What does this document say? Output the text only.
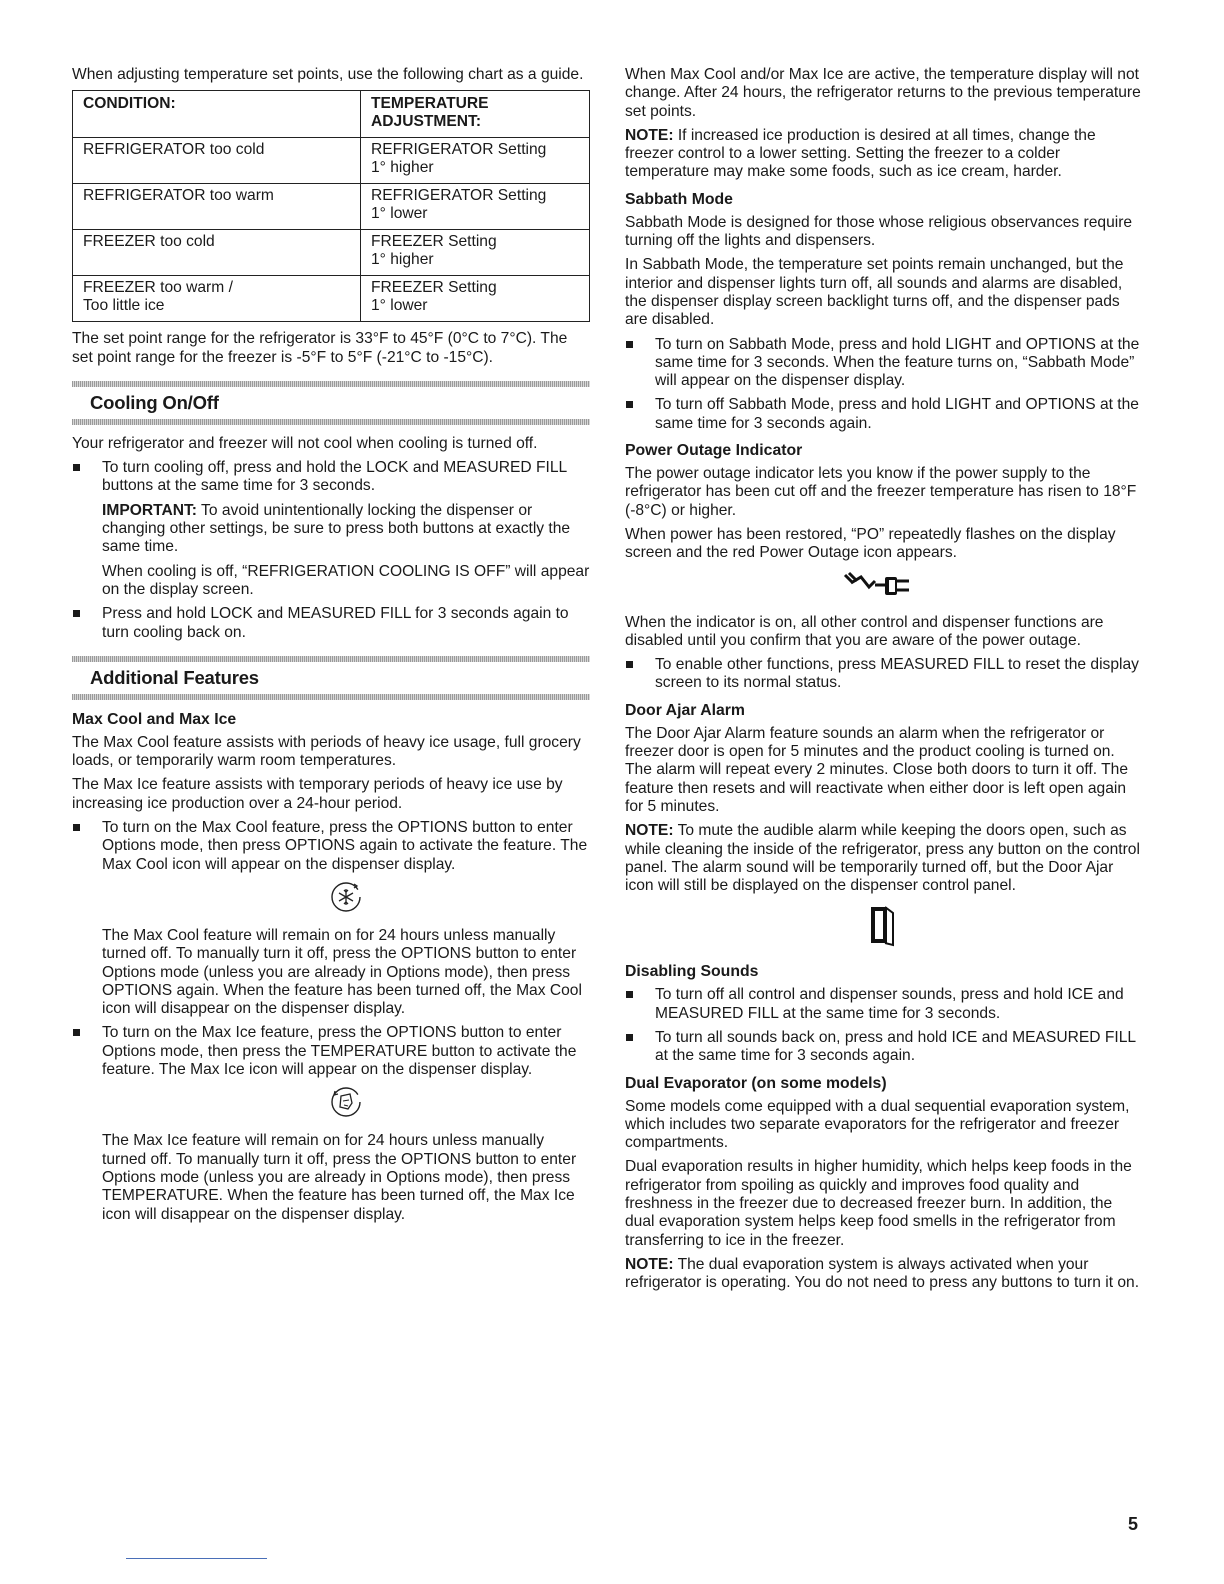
When adjusting temperature set points, use the following chart as a guide.

CONDITION:	TEMPERATURE ADJUSTMENT:
REFRIGERATOR too cold	REFRIGERATOR Setting
1° higher
REFRIGERATOR too warm	REFRIGERATOR Setting
1° lower
FREEZER too cold	FREEZER Setting
1° higher
FREEZER too warm /
Too little ice	FREEZER Setting
1° lower

The set point range for the refrigerator is 33°F to 45°F (0°C to 7°C). The set point range for the freezer is -5°F to 5°F (-21°C to -15°C).

Cooling On/Off

Your refrigerator and freezer will not cool when cooling is turned off.

To turn cooling off, press and hold the LOCK and MEASURED FILL buttons at the same time for 3 seconds.

IMPORTANT: To avoid unintentionally locking the dispenser or changing other settings, be sure to press both buttons at exactly the same time.

When cooling is off, “REFRIGERATION COOLING IS OFF” will appear on the display screen.

Press and hold LOCK and MEASURED FILL for 3 seconds again to turn cooling back on.

Additional Features
Max Cool and Max Ice

The Max Cool feature assists with periods of heavy ice usage, full grocery loads, or temporarily warm room temperatures.

The Max Ice feature assists with temporary periods of heavy ice use by increasing ice production over a 24-hour period.

To turn on the Max Cool feature, press the OPTIONS button to enter Options mode, then press OPTIONS again to activate the feature. The Max Cool icon will appear on the dispenser display.

The Max Cool feature will remain on for 24 hours unless manually turned off. To manually turn it off, press the OPTIONS button to enter Options mode (unless you are already in Options mode), then press OPTIONS again. When the feature has been turned off, the Max Cool icon will disappear on the dispenser display.

To turn on the Max Ice feature, press the OPTIONS button to enter Options mode, then press the TEMPERATURE button to activate the feature. The Max Ice icon will appear on the dispenser display.

The Max Ice feature will remain on for 24 hours unless manually turned off. To manually turn it off, press the OPTIONS button to enter Options mode (unless you are already in Options mode), then press TEMPERATURE. When the feature has been turned off, the Max Ice icon will disappear on the dispenser display.

When Max Cool and/or Max Ice are active, the temperature display will not change. After 24 hours, the refrigerator returns to the previous temperature set points.

NOTE: If increased ice production is desired at all times, change the freezer control to a lower setting. Setting the freezer to a colder temperature may make some foods, such as ice cream, harder.

Sabbath Mode

Sabbath Mode is designed for those whose religious observances require turning off the lights and dispensers.

In Sabbath Mode, the temperature set points remain unchanged, but the interior and dispenser lights turn off, all sounds and alarms are disabled, the dispenser display screen backlight turns off, and the dispenser pads are disabled.

To turn on Sabbath Mode, press and hold LIGHT and OPTIONS at the same time for 3 seconds. When the feature turns on, “Sabbath Mode” will appear on the dispenser display.

To turn off Sabbath Mode, press and hold LIGHT and OPTIONS at the same time for 3 seconds again.

Power Outage Indicator

The power outage indicator lets you know if the power supply to the refrigerator has been cut off and the freezer temperature has risen to 18°F (-8°C) or higher.

When power has been restored, “PO” repeatedly flashes on the display screen and the red Power Outage icon appears.

When the indicator is on, all other control and dispenser functions are disabled until you confirm that you are aware of the power outage.

To enable other functions, press MEASURED FILL to reset the display screen to its normal status.

Door Ajar Alarm

The Door Ajar Alarm feature sounds an alarm when the refrigerator or freezer door is open for 5 minutes and the product cooling is turned on. The alarm will repeat every 2 minutes. Close both doors to turn it off. The feature then resets and will reactivate when either door is left open again for 5 minutes.

NOTE: To mute the audible alarm while keeping the doors open, such as while cleaning the inside of the refrigerator, press any button on the control panel. The alarm sound will be temporarily turned off, but the Door Ajar icon will still be displayed on the dispenser control panel.

Disabling Sounds

To turn off all control and dispenser sounds, press and hold ICE and MEASURED FILL at the same time for 3 seconds.

To turn all sounds back on, press and hold ICE and MEASURED FILL at the same time for 3 seconds again.

Dual Evaporator (on some models)

Some models come equipped with a dual sequential evaporation system, which includes two separate evaporators for the refrigerator and freezer compartments.

Dual evaporation results in higher humidity, which helps keep foods in the refrigerator from spoiling as quickly and improves food quality and freshness in the freezer due to decreased freezer burn. In addition, the dual evaporation system helps keep food smells in the refrigerator from transferring to ice in the freezer.

NOTE: The dual evaporation system is always activated when your refrigerator is operating. You do not need to press any buttons to turn it on.

5
